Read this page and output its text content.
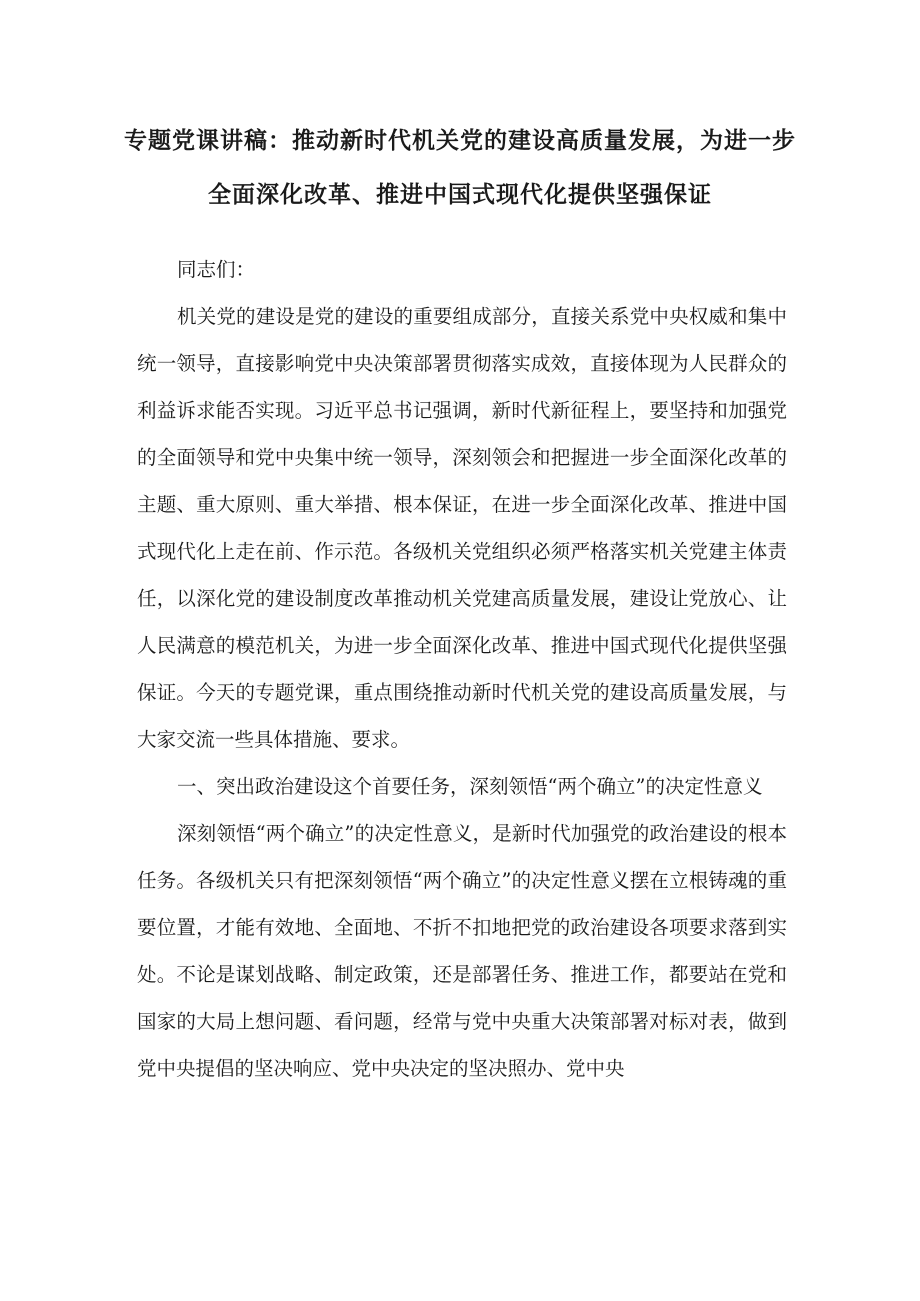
专题党课讲稿：推动新时代机关党的建设高质量发展，为进一步全面深化改革、推进中国式现代化提供坚强保证

同志们：

机关党的建设是党的建设的重要组成部分，直接关系党中央权威和集中统一领导，直接影响党中央决策部署贯彻落实成效，直接体现为人民群众的利益诉求能否实现。习近平总书记强调，新时代新征程上，要坚持和加强党的全面领导和党中央集中统一领导，深刻领会和把握进一步全面深化改革的主题、重大原则、重大举措、根本保证，在进一步全面深化改革、推进中国式现代化上走在前、作示范。各级机关党组织必须严格落实机关党建主体责任，以深化党的建设制度改革推动机关党建高质量发展，建设让党放心、让人民满意的模范机关，为进一步全面深化改革、推进中国式现代化提供坚强保证。今天的专题党课，重点围绕推动新时代机关党的建设高质量发展，与大家交流一些具体措施、要求。

一、突出政治建设这个首要任务，深刻领悟“两个确立”的决定性意义

深刻领悟“两个确立”的决定性意义，是新时代加强党的政治建设的根本任务。各级机关只有把深刻领悟“两个确立”的决定性意义摆在立根铸魂的重要位置，才能有效地、全面地、不折不扣地把党的政治建设各项要求落到实处。不论是谋划战略、制定政策，还是部署任务、推进工作，都要站在党和国家的大局上想问题、看问题，经常与党中央重大决策部署对标对表，做到党中央提倡的坚决响应、党中央决定的坚决照办、党中央
